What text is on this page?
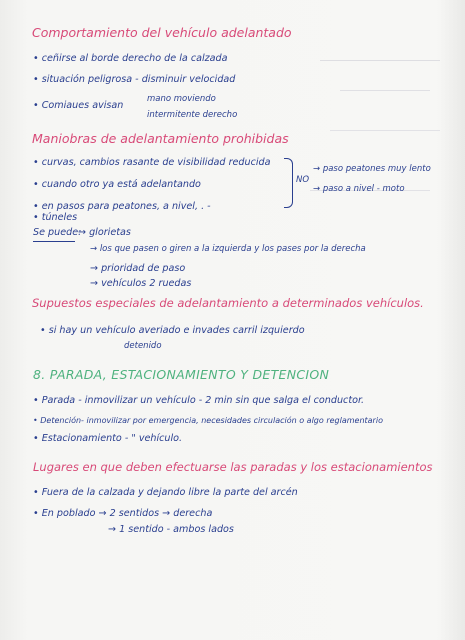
Comportamiento del vehículo adelantado
• ceñirse al borde derecho de la calzada
• situación peligrosa - disminuir velocidad
• Comiaues avisan
mano moviendo
intermitente derecho
Maniobras de adelantamiento prohibidas
• curvas, cambios rasante de visibilidad reducida
• cuando otro ya está adelantando
• en pasos para peatones, a nivel, . -
• túneles
NO
→ paso peatones muy lento
→ paso a nivel - moto
Se puede:
→ glorietas
→ los que pasen o giren a la izquierda y los pases por la derecha
→ prioridad de paso
→ vehículos 2 ruedas
Supuestos especiales de adelantamiento a determinados vehículos.
• si hay un vehículo averiado e invades carril izquierdo
detenido
8. PARADA, ESTACIONAMIENTO Y DETENCION
• Parada - inmovilizar un vehículo - 2 min sin que salga el conductor.
• Detención- inmovilizar por emergencia, necesidades circulación o algo reglamentario
• Estacionamiento - " vehículo.
Lugares en que deben efectuarse las paradas y los estacionamientos
• Fuera de la calzada y dejando libre la parte del arcén
• En poblado → 2 sentidos → derecha
→ 1 sentido - ambos lados
